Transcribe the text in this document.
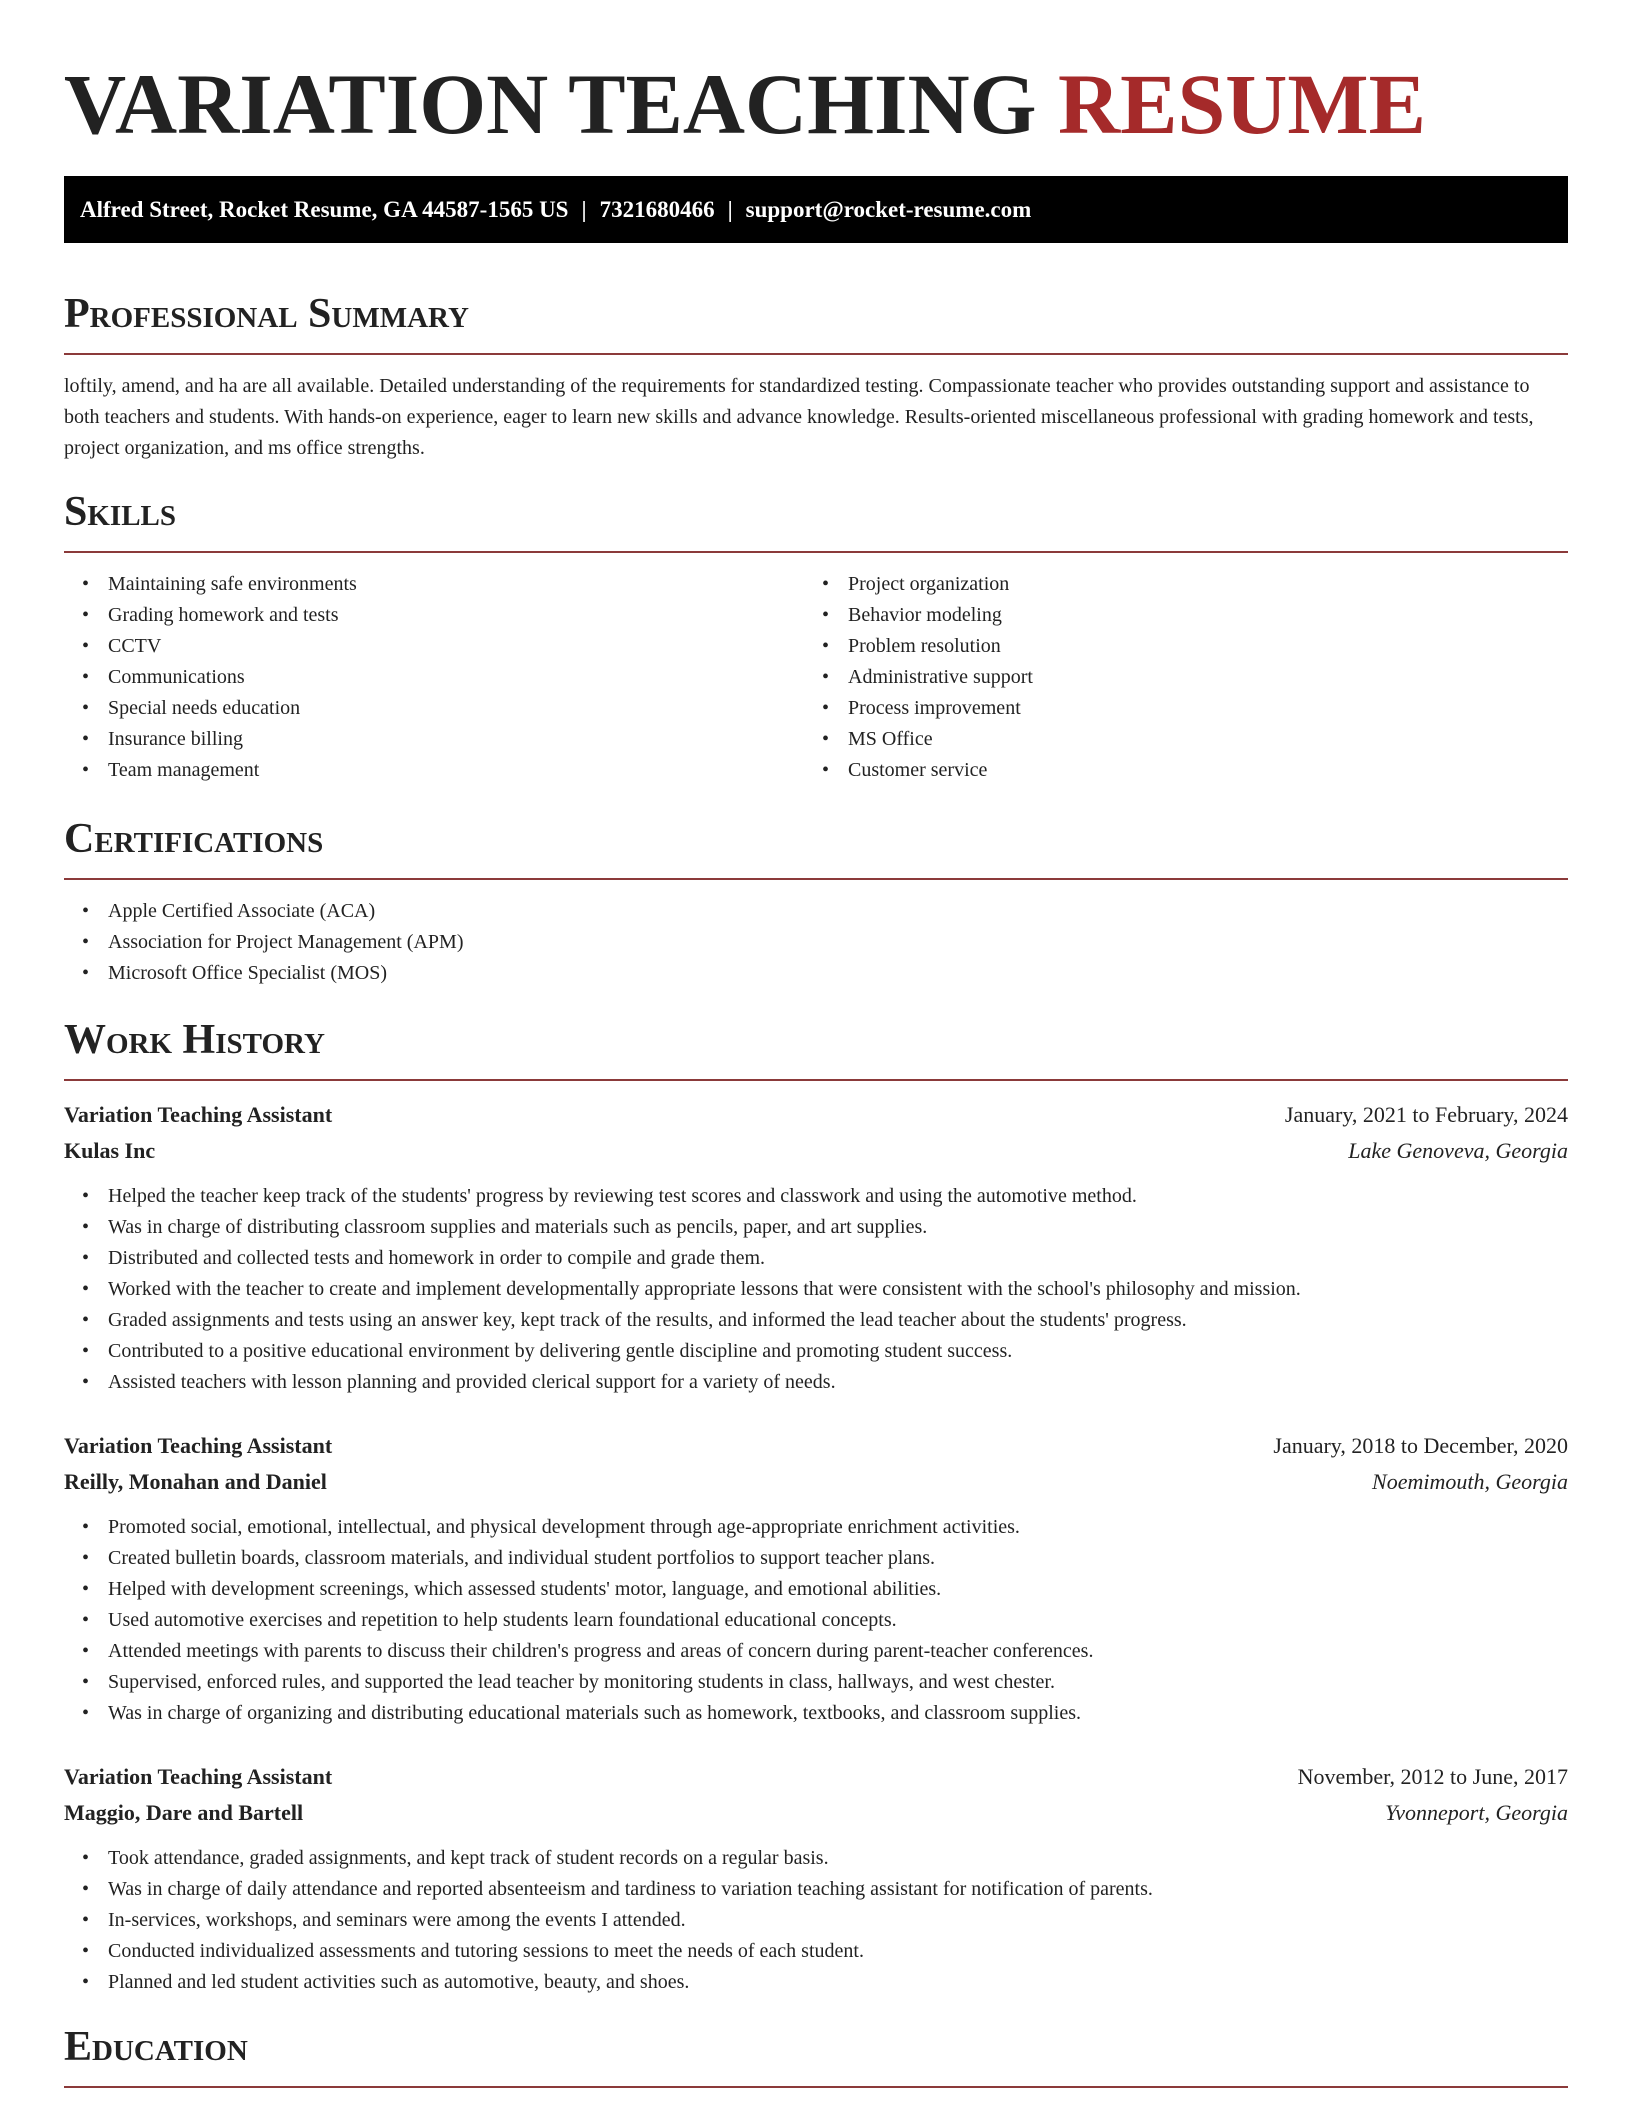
VARIATION TEACHING RESUME
Alfred Street, Rocket Resume, GA 44587-1565 US | 7321680466 | support@rocket-resume.com
Professional Summary

loftily, amend, and ha are all available. Detailed understanding of the requirements for standardized testing. Compassionate teacher who provides outstanding support and assistance to both teachers and students. With hands-on experience, eager to learn new skills and advance knowledge. Results-oriented miscellaneous professional with grading homework and tests, project organization, and ms office strengths.

Skills
• Maintaining safe environments
• Grading homework and tests
• CCTV
• Communications
• Special needs education
• Insurance billing
• Team management
• Project organization
• Behavior modeling
• Problem resolution
• Administrative support
• Process improvement
• MS Office
• Customer service
Certifications
• Apple Certified Associate (ACA)
• Association for Project Management (APM)
• Microsoft Office Specialist (MOS)
Work History
Variation Teaching Assistant	January, 2021 to February, 2024
Kulas Inc	Lake Genoveva, Georgia
• Helped the teacher keep track of the students' progress by reviewing test scores and classwork and using the automotive method.
• Was in charge of distributing classroom supplies and materials such as pencils, paper, and art supplies.
• Distributed and collected tests and homework in order to compile and grade them.
• Worked with the teacher to create and implement developmentally appropriate lessons that were consistent with the school's philosophy and mission.
• Graded assignments and tests using an answer key, kept track of the results, and informed the lead teacher about the students' progress.
• Contributed to a positive educational environment by delivering gentle discipline and promoting student success.
• Assisted teachers with lesson planning and provided clerical support for a variety of needs.
Variation Teaching Assistant	January, 2018 to December, 2020
Reilly, Monahan and Daniel	Noemimouth, Georgia
• Promoted social, emotional, intellectual, and physical development through age-appropriate enrichment activities.
• Created bulletin boards, classroom materials, and individual student portfolios to support teacher plans.
• Helped with development screenings, which assessed students' motor, language, and emotional abilities.
• Used automotive exercises and repetition to help students learn foundational educational concepts.
• Attended meetings with parents to discuss their children's progress and areas of concern during parent-teacher conferences.
• Supervised, enforced rules, and supported the lead teacher by monitoring students in class, hallways, and west chester.
• Was in charge of organizing and distributing educational materials such as homework, textbooks, and classroom supplies.
Variation Teaching Assistant	November, 2012 to June, 2017
Maggio, Dare and Bartell	Yvonneport, Georgia
• Took attendance, graded assignments, and kept track of student records on a regular basis.
• Was in charge of daily attendance and reported absenteeism and tardiness to variation teaching assistant for notification of parents.
• In-services, workshops, and seminars were among the events I attended.
• Conducted individualized assessments and tutoring sessions to meet the needs of each student.
• Planned and led student activities such as automotive, beauty, and shoes.
Education
